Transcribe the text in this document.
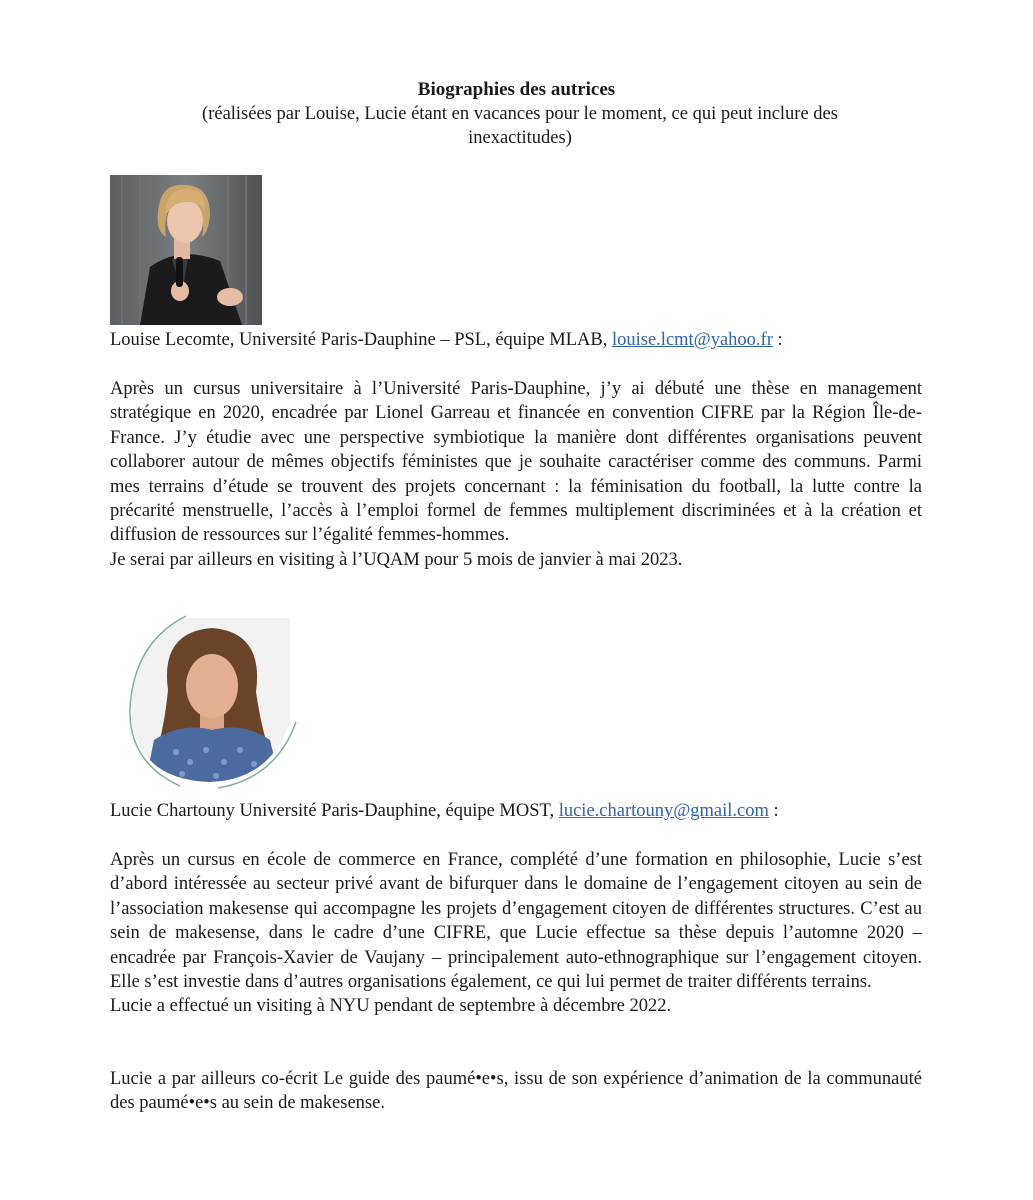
Biographies des autrices
(réalisées par Louise, Lucie étant en vacances pour le moment, ce qui peut inclure des inexactitudes)
Louise Lecomte, Université Paris-Dauphine – PSL, équipe MLAB, louise.lcmt@yahoo.fr :

Après un cursus universitaire à l’Université Paris-Dauphine, j’y ai débuté une thèse en management stratégique en 2020, encadrée par Lionel Garreau et financée en convention CIFRE par la Région Île-de-France. J’y étudie avec une perspective symbiotique la manière dont différentes organisations peuvent collaborer autour de mêmes objectifs féministes que je souhaite caractériser comme des communs. Parmi mes terrains d’étude se trouvent des projets concernant : la féminisation du football, la lutte contre la précarité menstruelle, l’accès à l’emploi formel de femmes multiplement discriminées et à la création et diffusion de ressources sur l’égalité femmes-hommes.

Je serai par ailleurs en visiting à l’UQAM pour 5 mois de janvier à mai 2023.

Lucie Chartouny Université Paris-Dauphine, équipe MOST, lucie.chartouny@gmail.com :

Après un cursus en école de commerce en France, complété d’une formation en philosophie, Lucie s’est d’abord intéressée au secteur privé avant de bifurquer dans le domaine de l’engagement citoyen au sein de l’association makesense qui accompagne les projets d’engagement citoyen de différentes structures. C’est au sein de makesense, dans le cadre d’une CIFRE, que Lucie effectue sa thèse depuis l’automne 2020 – encadrée par François-Xavier de Vaujany – principalement auto-ethnographique sur l’engagement citoyen. Elle s’est investie dans d’autres organisations également, ce qui lui permet de traiter différents terrains.

Lucie a effectué un visiting à NYU pendant de septembre à décembre 2022.

Lucie a par ailleurs co-écrit Le guide des paumé•e•s, issu de son expérience d’animation de la communauté des paumé•e•s au sein de makesense.
